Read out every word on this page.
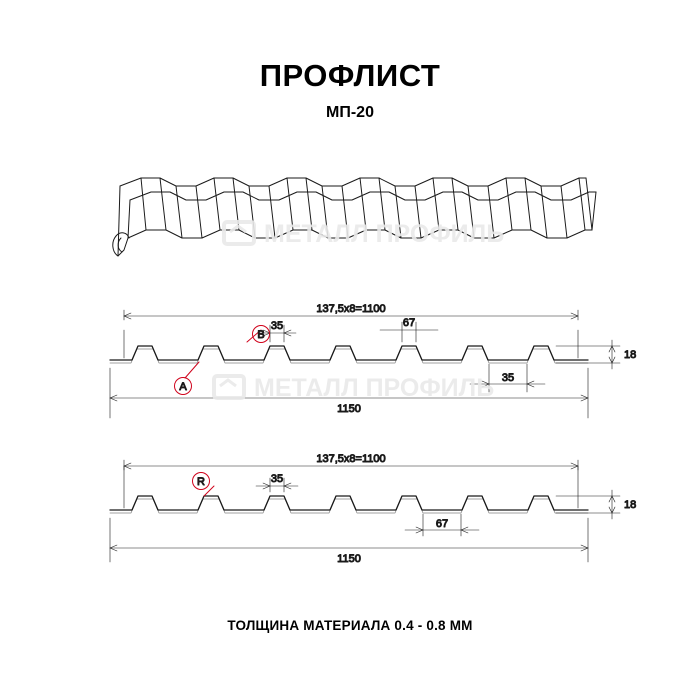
ПРОФЛИСТ
МП-20
137,5x8=1100
1150
35	67
35
18
A
B
137,5x8=1100
1150
35
67
18
R
МЕТАЛЛ ПРОФИЛЬ
МЕТАЛЛ ПРОФИЛЬ
ТОЛЩИНА МАТЕРИАЛА 0.4 - 0.8 ММ
